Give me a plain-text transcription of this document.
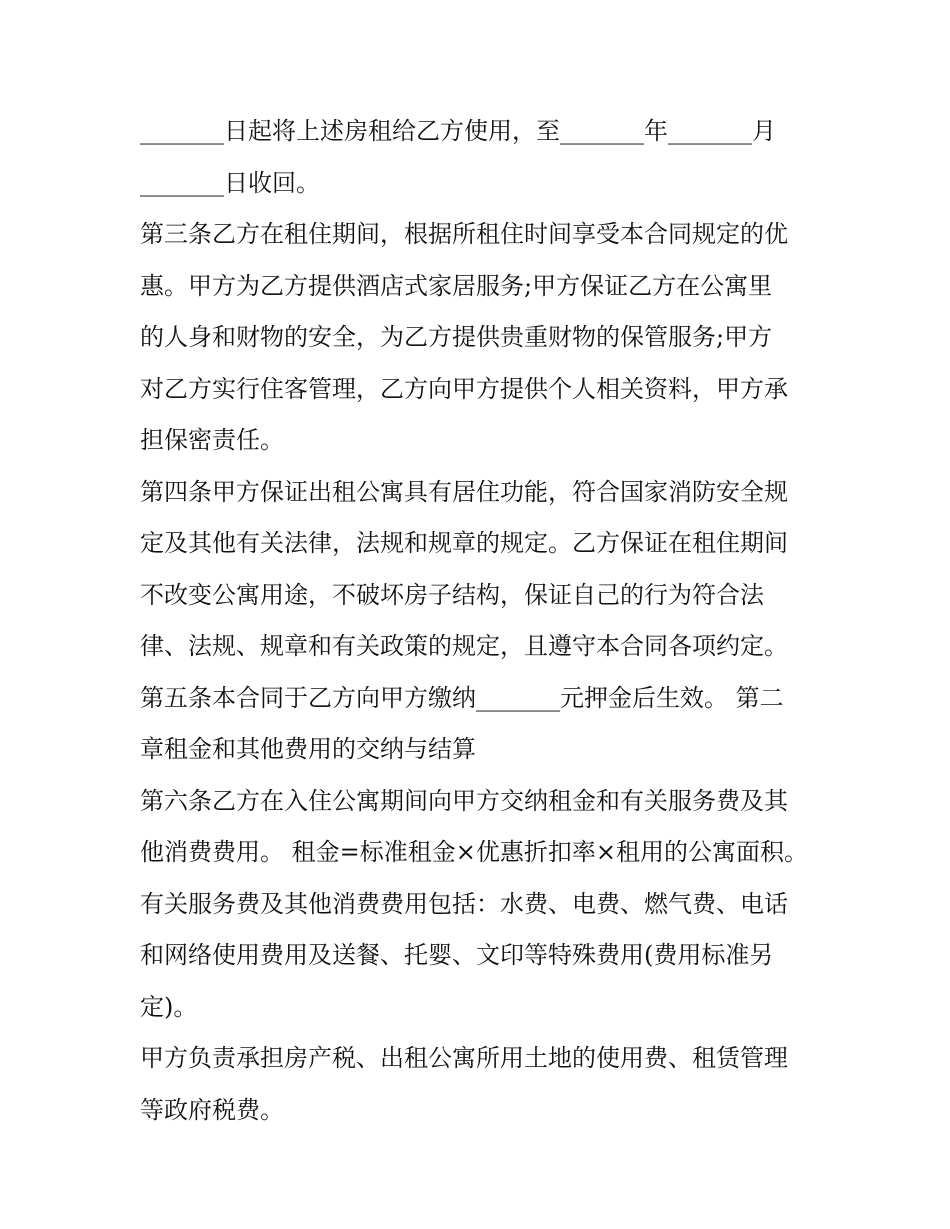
_______日起将上述房租给乙方使用，至_______年_______月
_______日收回。
第三条乙方在租住期间，根据所租住时间享受本合同规定的优
惠。甲方为乙方提供酒店式家居服务;甲方保证乙方在公寓里
的人身和财物的安全，为乙方提供贵重财物的保管服务;甲方
对乙方实行住客管理，乙方向甲方提供个人相关资料，甲方承
担保密责任。
第四条甲方保证出租公寓具有居住功能，符合国家消防安全规
定及其他有关法律，法规和规章的规定。乙方保证在租住期间
不改变公寓用途，不破坏房子结构，保证自己的行为符合法
律、法规、规章和有关政策的规定，且遵守本合同各项约定。
第五条本合同于乙方向甲方缴纳_______元押金后生效。 第二
章租金和其他费用的交纳与结算
第六条乙方在入住公寓期间向甲方交纳租金和有关服务费及其
他消费费用。 租金=标准租金×优惠折扣率×租用的公寓面积。
有关服务费及其他消费费用包括：水费、电费、燃气费、电话
和网络使用费用及送餐、托婴、文印等特殊费用(费用标准另
定)。
甲方负责承担房产税、出租公寓所用土地的使用费、租赁管理
等政府税费。
